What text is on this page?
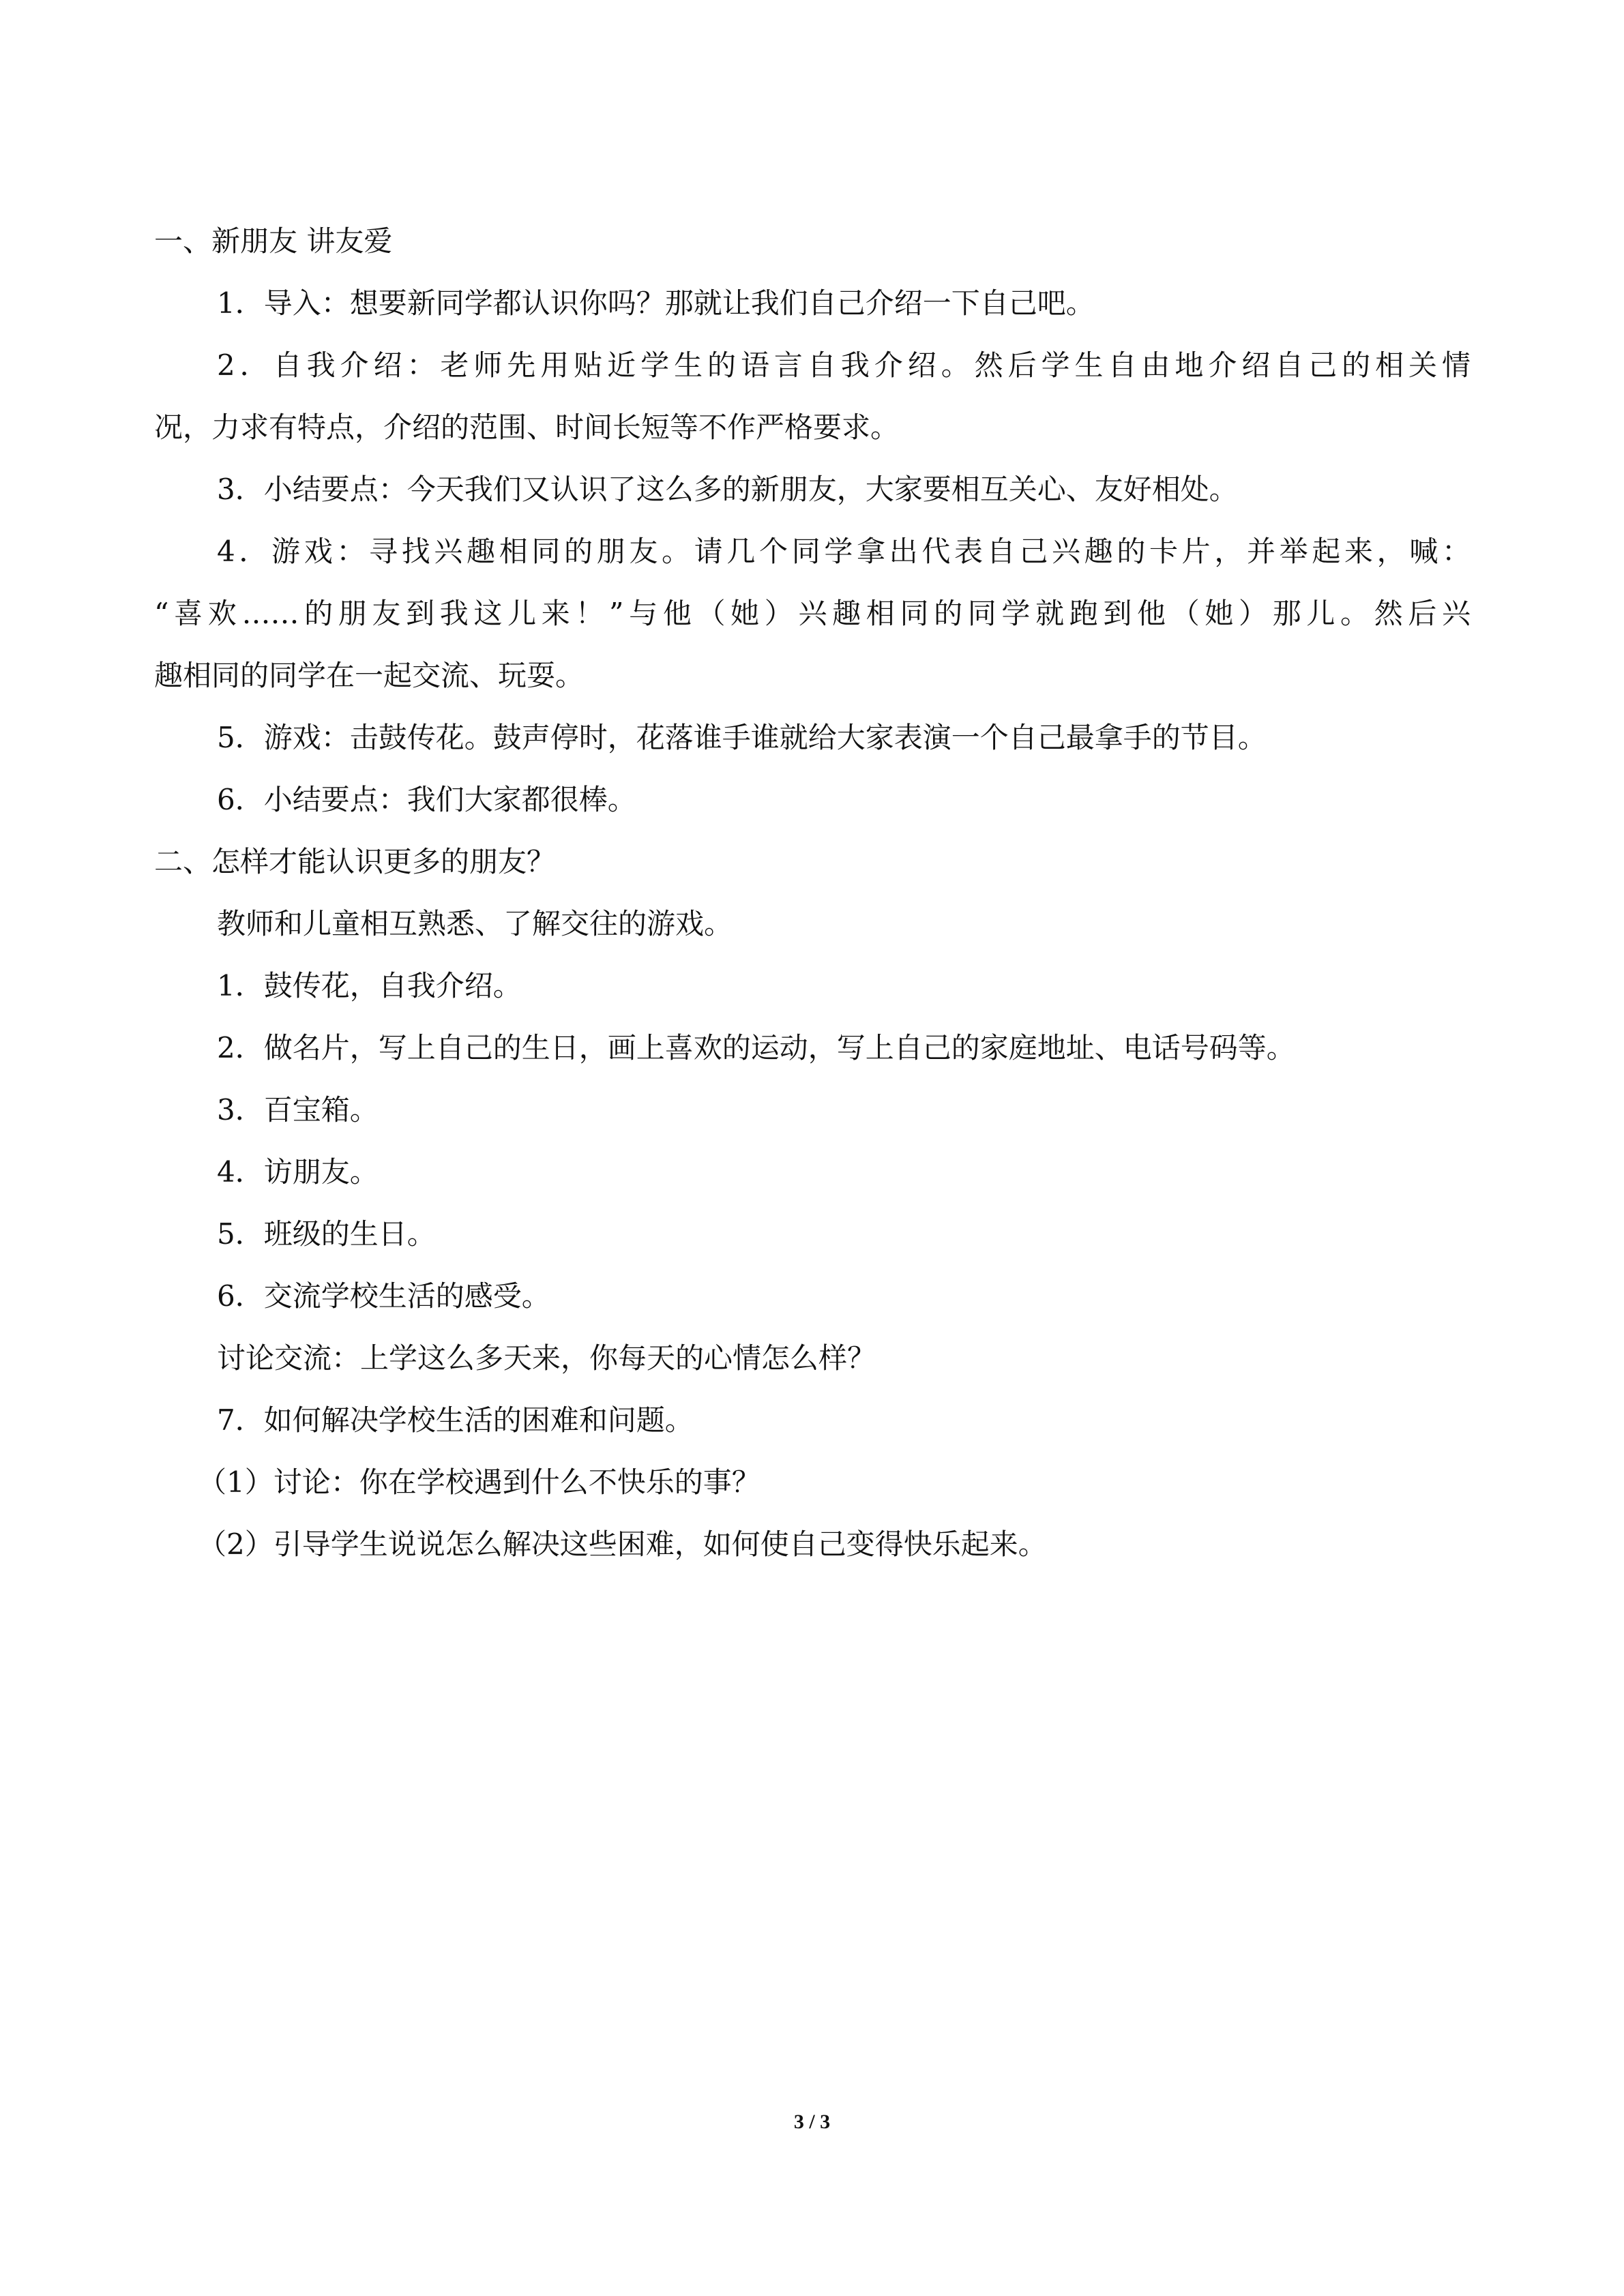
一、新朋友 讲友爱
1．导入：想要新同学都认识你吗？那就让我们自己介绍一下自己吧。
2．自我介绍：老师先用贴近学生的语言自我介绍。然后学生自由地介绍自己的相关情
况，力求有特点，介绍的范围、时间长短等不作严格要求。
3．小结要点：今天我们又认识了这么多的新朋友，大家要相互关心、友好相处。
4．游戏：寻找兴趣相同的朋友。请几个同学拿出代表自己兴趣的卡片，并举起来，喊：
“喜欢……的朋友到我这儿来！”与他（她）兴趣相同的同学就跑到他（她）那儿。然后兴
趣相同的同学在一起交流、玩耍。
5．游戏：击鼓传花。鼓声停时，花落谁手谁就给大家表演一个自己最拿手的节目。
6．小结要点：我们大家都很棒。
二、怎样才能认识更多的朋友？
教师和儿童相互熟悉、了解交往的游戏。
1．鼓传花，自我介绍。
2．做名片，写上自己的生日，画上喜欢的运动，写上自己的家庭地址、电话号码等。
3．百宝箱。
4．访朋友。
5．班级的生日。
6．交流学校生活的感受。
讨论交流：上学这么多天来，你每天的心情怎么样？
7．如何解决学校生活的困难和问题。
（1）讨论：你在学校遇到什么不快乐的事？
（2）引导学生说说怎么解决这些困难，如何使自己变得快乐起来。
3 / 3
